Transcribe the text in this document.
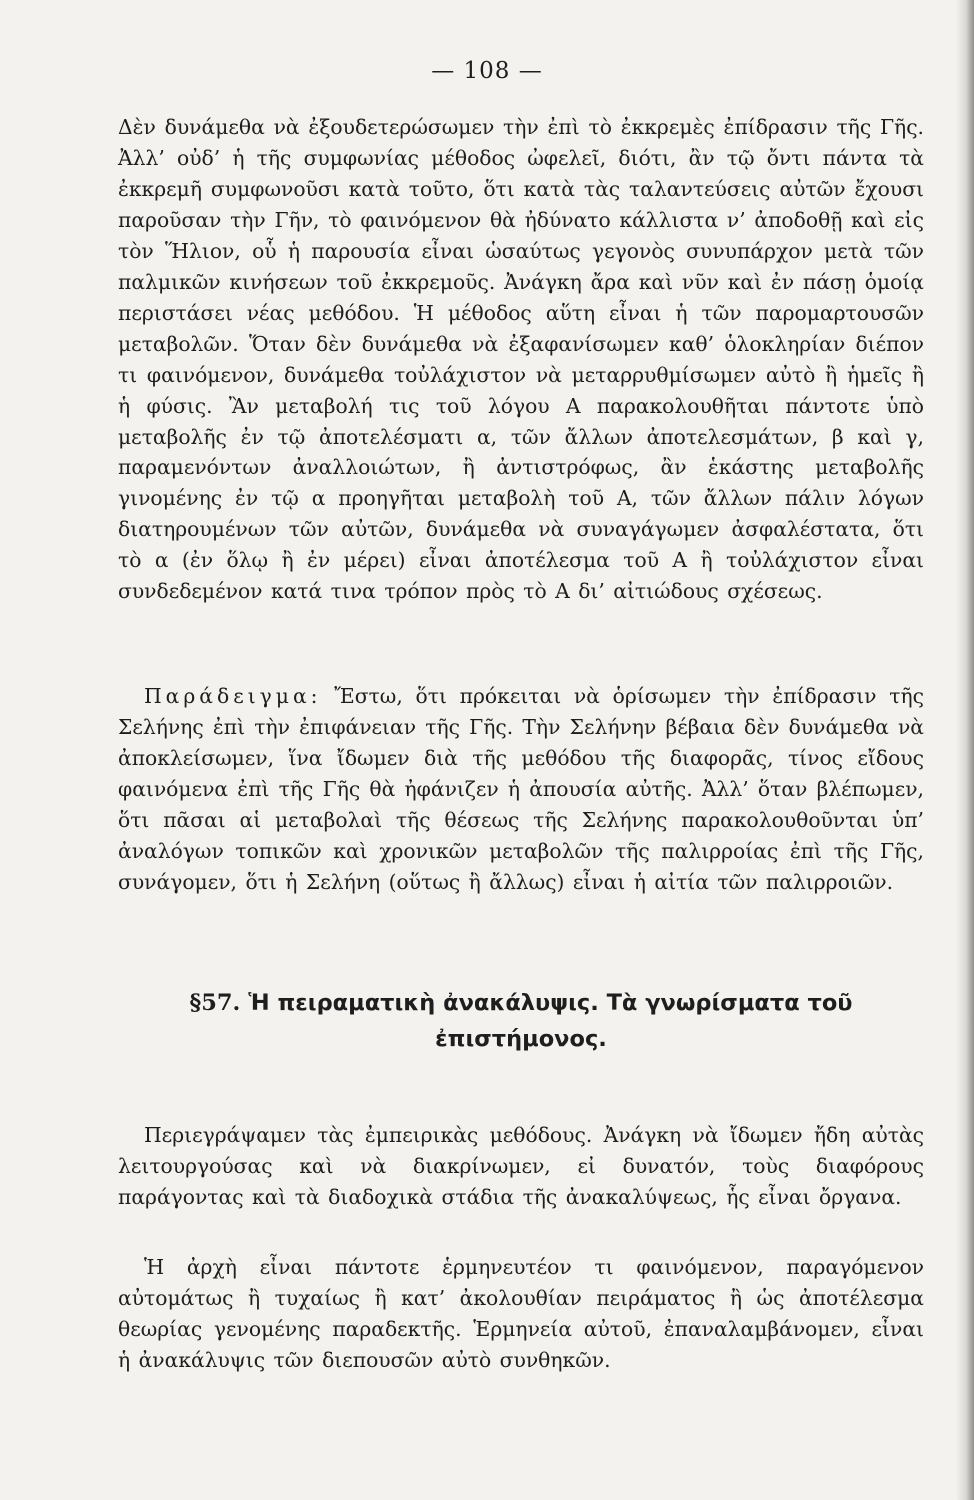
— 108 —

Δὲν δυνάμεθα νὰ ἐξουδετερώσωμεν τὴν ἐπὶ τὸ ἐκκρεμὲς ἐπίδρασιν τῆς Γῆς. Ἀλλ’ οὐδ’ ἡ τῆς συμφωνίας μέθοδος ὠφελεῖ, διότι, ἂν τῷ ὄντι πάντα τὰ ἐκκρεμῆ συμφωνοῦσι κατὰ τοῦτο, ὅτι κατὰ τὰς ταλαντεύσεις αὐτῶν ἔχουσι παροῦσαν τὴν Γῆν, τὸ φαινόμενον θὰ ἠδύνατο κάλλιστα ν’ ἀποδοθῇ καὶ εἰς τὸν Ἥλιον, οὗ ἡ παρουσία εἶναι ὡσαύτως γεγονὸς συνυπάρχον μετὰ τῶν παλμικῶν κινήσεων τοῦ ἐκκρεμοῦς. Ἀνάγκη ἄρα καὶ νῦν καὶ ἐν πάσῃ ὁμοίᾳ περιστάσει νέας μεθόδου. Ἡ μέθοδος αὕτη εἶναι ἡ τῶν παρομαρτουσῶν μεταβολῶν. Ὅταν δὲν δυνάμεθα νὰ ἐξαφανίσωμεν καθ’ ὁλοκληρίαν διέπον τι φαινόμενον, δυνάμεθα τοὐλάχιστον νὰ μεταρρυθμίσωμεν αὐτὸ ἢ ἡμεῖς ἢ ἡ φύσις. Ἂν μεταβολή τις τοῦ λόγου Α παρακολουθῆται πάντοτε ὑπὸ μεταβολῆς ἐν τῷ ἀποτελέσματι α, τῶν ἄλλων ἀποτελεσμάτων, β καὶ γ, παραμενόντων ἀναλλοιώτων, ἢ ἀντιστρόφως, ἂν ἑκάστης μεταβολῆς γινομένης ἐν τῷ α προηγῆται μεταβολὴ τοῦ Α, τῶν ἄλλων πάλιν λόγων διατηρουμένων τῶν αὐτῶν, δυνάμεθα νὰ συναγάγωμεν ἀσφαλέστατα, ὅτι τὸ α (ἐν ὅλῳ ἢ ἐν μέρει) εἶναι ἀποτέλεσμα τοῦ Α ἢ τοὐλάχιστον εἶναι συνδεδεμένον κατά τινα τρόπον πρὸς τὸ Α δι’ αἰτιώδους σχέσεως.

Παράδειγμα: Ἔστω, ὅτι πρόκειται νὰ ὁρίσωμεν τὴν ἐπίδρασιν τῆς Σελήνης ἐπὶ τὴν ἐπιφάνειαν τῆς Γῆς. Τὴν Σελήνην βέβαια δὲν δυνάμεθα νὰ ἀποκλείσωμεν, ἵνα ἴδωμεν διὰ τῆς μεθόδου τῆς διαφορᾶς, τίνος εἴδους φαινόμενα ἐπὶ τῆς Γῆς θὰ ἠφάνιζεν ἡ ἀπουσία αὐτῆς. Ἀλλ’ ὅταν βλέπωμεν, ὅτι πᾶσαι αἱ μεταβολαὶ τῆς θέσεως τῆς Σελήνης παρακολουθοῦνται ὑπ’ ἀναλόγων τοπικῶν καὶ χρονικῶν μεταβολῶν τῆς παλιρροίας ἐπὶ τῆς Γῆς, συνάγομεν, ὅτι ἡ Σελήνη (οὕτως ἢ ἄλλως) εἶναι ἡ αἰτία τῶν παλιρροιῶν.

§57. Ἡ πειραματικὴ ἀνακάλυψις. Τὰ γνωρίσματα τοῦ ἐπιστήμονος.

Περιεγράψαμεν τὰς ἐμπειρικὰς μεθόδους. Ἀνάγκη νὰ ἴδωμεν ἤδη αὐτὰς λειτουργούσας καὶ νὰ διακρίνωμεν, εἰ δυνατόν, τοὺς διαφόρους παράγοντας καὶ τὰ διαδοχικὰ στάδια τῆς ἀνακαλύψεως, ἧς εἶναι ὄργανα.

Ἡ ἀρχὴ εἶναι πάντοτε ἑρμηνευτέον τι φαινόμενον, παραγόμενον αὐτομάτως ἢ τυχαίως ἢ κατ’ ἀκολουθίαν πειράματος ἢ ὡς ἀποτέλεσμα θεωρίας γενομένης παραδεκτῆς. Ἑρμηνεία αὐτοῦ, ἐπαναλαμβάνομεν, εἶναι ἡ ἀνακάλυψις τῶν διεπουσῶν αὐτὸ συνθηκῶν.
